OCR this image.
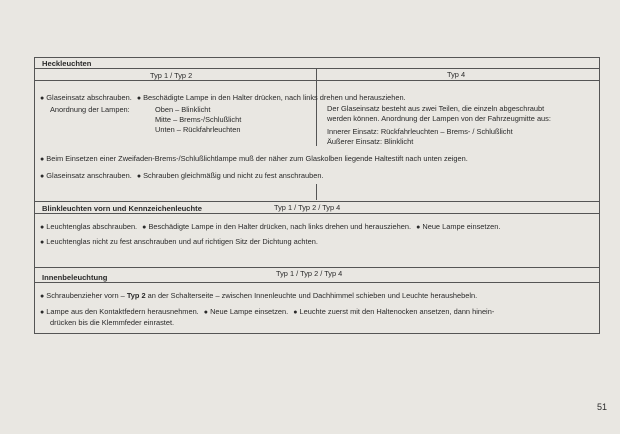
Heckleuchten
Typ 1 / Typ 2	Typ 4
● Glaseinsatz abschrauben. ● Beschädigte Lampe in den Halter drücken, nach links drehen und herausziehen.
Anordnung der Lampen:	Oben – Blinklicht
Mitte – Brems-/Schlußlicht
Unten – Rückfahrleuchten
Der Glaseinsatz besteht aus zwei Teilen, die einzeln abgeschraubt
werden können. Anordnung der Lampen von der Fahrzeugmitte aus:
Innerer Einsatz: Rückfahrleuchten – Brems- / Schlußlicht
Äußerer Einsatz: Blinklicht
● Beim Einsetzen einer Zweifaden-Brems-/Schlußlichtlampe muß der näher zum Glaskolben liegende Haltestift nach unten zeigen.
● Glaseinsatz anschrauben. ● Schrauben gleichmäßig und nicht zu fest anschrauben.
Blinkleuchten vorn und Kennzeichenleuchte	Typ 1 / Typ 2 / Typ 4
● Leuchtenglas abschrauben. ● Beschädigte Lampe in den Halter drücken, nach links drehen und herausziehen. ● Neue Lampe einsetzen.
● Leuchtenglas nicht zu fest anschrauben und auf richtigen Sitz der Dichtung achten.
Innenbeleuchtung	Typ 1 / Typ 2 / Typ 4
● Schraubenzieher vorn – Typ 2 an der Schalterseite – zwischen Innenleuchte und Dachhimmel schieben und Leuchte heraushebeln.
● Lampe aus den Kontaktfedern herausnehmen. ● Neue Lampe einsetzen. ● Leuchte zuerst mit den Haltenocken ansetzen, dann hinein-
drücken bis die Klemmfeder einrastet.
51
